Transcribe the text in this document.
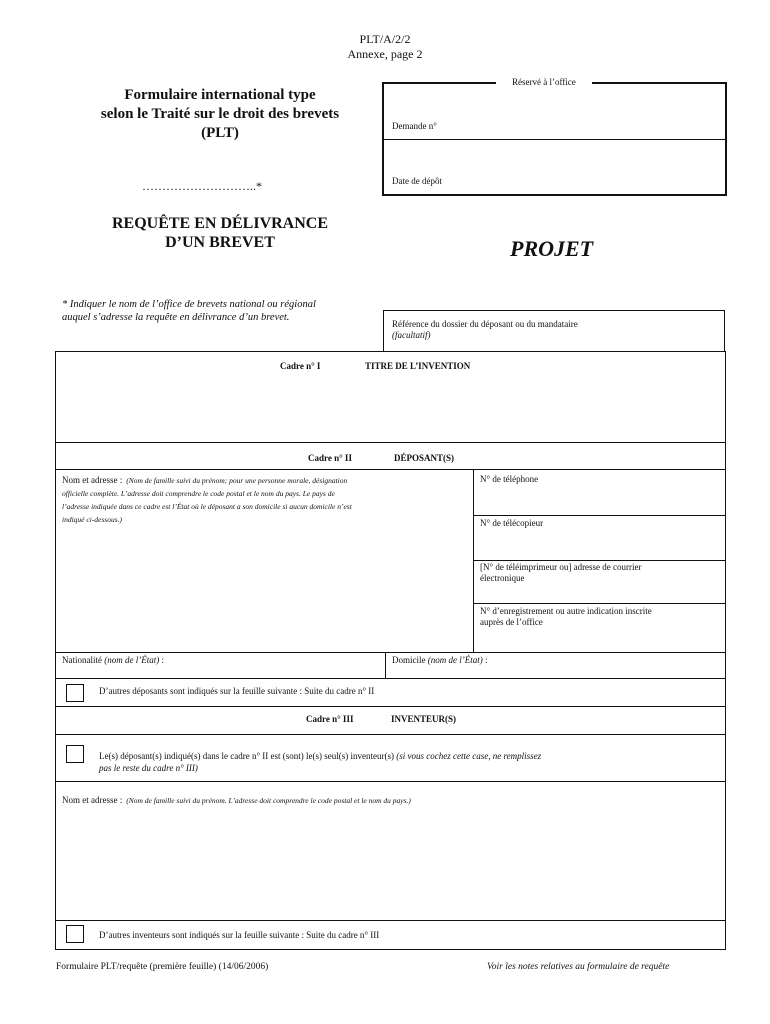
PLT/A/2/2
Annexe, page 2
Formulaire international type
selon le Traité sur le droit des brevets
(PLT)
Réservé à l’office
Demande n°
Date de dépôt
………………………..*
REQUÊTE EN DÉLIVRANCE
D’UN BREVET	PROJET
* Indiquer le nom de l’office de brevets national ou régional
auquel s’adresse la requête en délivrance d’un brevet.
Référence du dossier du déposant ou du mandataire
(facultatif)
Cadre n° I	TITRE DE L’INVENTION
Cadre n° II	DÉPOSANT(S)
Nom et adresse : (Nom de famille suivi du prénom; pour une personne morale, désignation
officielle complète. L’adresse doit comprendre le code postal et le nom du pays. Le pays de
l’adresse indiquée dans ce cadre est l’État où le déposant a son domicile si aucun domicile n’est
indiqué ci-dessous.)
N° de téléphone
N° de télécopieur
[N° de téléimprimeur ou] adresse de courrier
électronique
N° d’enregistrement ou autre indication inscrite
auprès de l’office
Nationalité (nom de l’État) :	Domicile (nom de l’État) :
D’autres déposants sont indiqués sur la feuille suivante : Suite du cadre n° II
Cadre n° III	INVENTEUR(S)
Le(s) déposant(s) indiqué(s) dans le cadre n° II est (sont) le(s) seul(s) inventeur(s) (si vous cochez cette case, ne remplissez
pas le reste du cadre n° III)
Nom et adresse : (Nom de famille suivi du prénom. L’adresse doit comprendre le code postal et le nom du pays.)
D’autres inventeurs sont indiqués sur la feuille suivante : Suite du cadre n° III
Formulaire PLT/requête (première feuille) (14/06/2006)	Voir les notes relatives au formulaire de requête
